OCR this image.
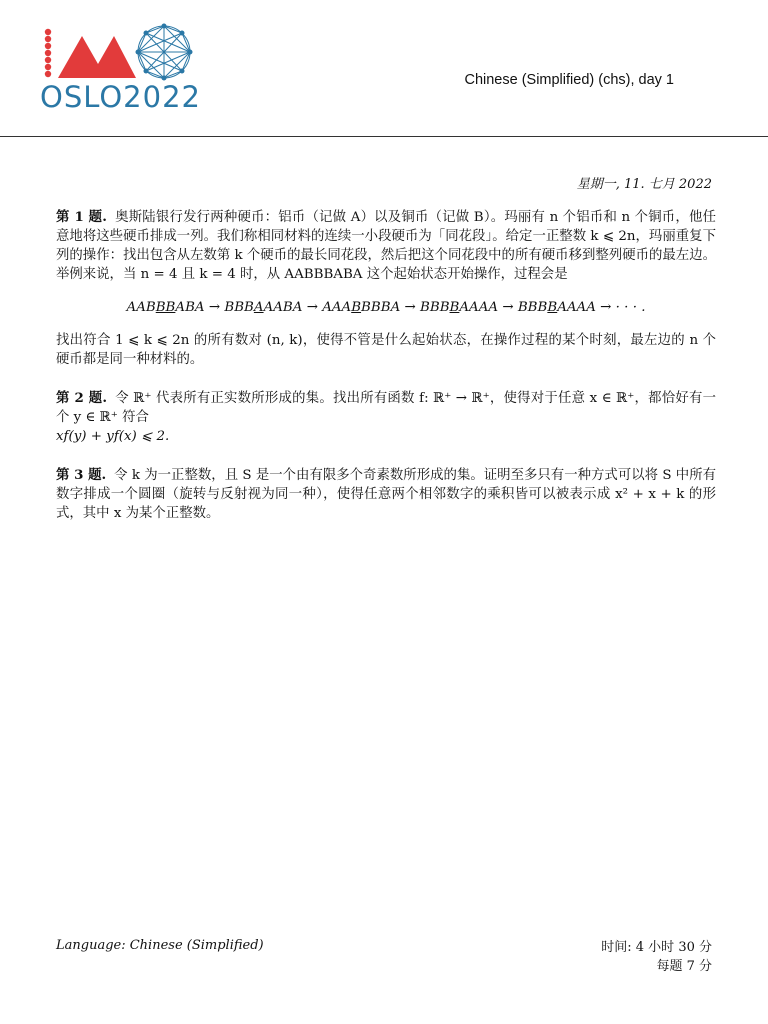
OSLO2022	Chinese (Simplified) (chs), day 1
星期一, 11. 七月 2022

第 1 题. 奥斯陆银行发行两种硬币：铝币（记做 A）以及铜币（记做 B）。玛丽有 n 个铝币和 n 个铜币，他任意地将这些硬币排成一列。我们称相同材料的连续一小段硬币为「同花段」。给定一正整数 k ⩽ 2n，玛丽重复下列的操作：找出包含从左数第 k 个硬币的最长同花段，然后把这个同花段中的所有硬币移到整列硬币的最左边。举例来说，当 n = 4 且 k = 4 时，从 AABBBABA 这个起始状态开始操作，过程会是

AABBBABA → BBBAAABA → AAABBBBA → BBBBAAAA → BBBBAAAA → · · · .

找出符合 1 ⩽ k ⩽ 2n 的所有数对 (n, k)，使得不管是什么起始状态，在操作过程的某个时刻，最左边的 n 个硬币都是同一种材料的。

第 2 题. 令 ℝ⁺ 代表所有正实数所形成的集。找出所有函数 f: ℝ⁺ → ℝ⁺，使得对于任意 x ∈ ℝ⁺，都恰好有一个 y ∈ ℝ⁺ 符合

xf(y) + yf(x) ⩽ 2.

第 3 题. 令 k 为一正整数，且 S 是一个由有限多个奇素数所形成的集。证明至多只有一种方式可以将 S 中所有数字排成一个圆圈（旋转与反射视为同一种），使得任意两个相邻数字的乘积皆可以被表示成 x² + x + k 的形式，其中 x 为某个正整数。

Language: Chinese (Simplified)	时间: 4 小时 30 分
每题 7 分
